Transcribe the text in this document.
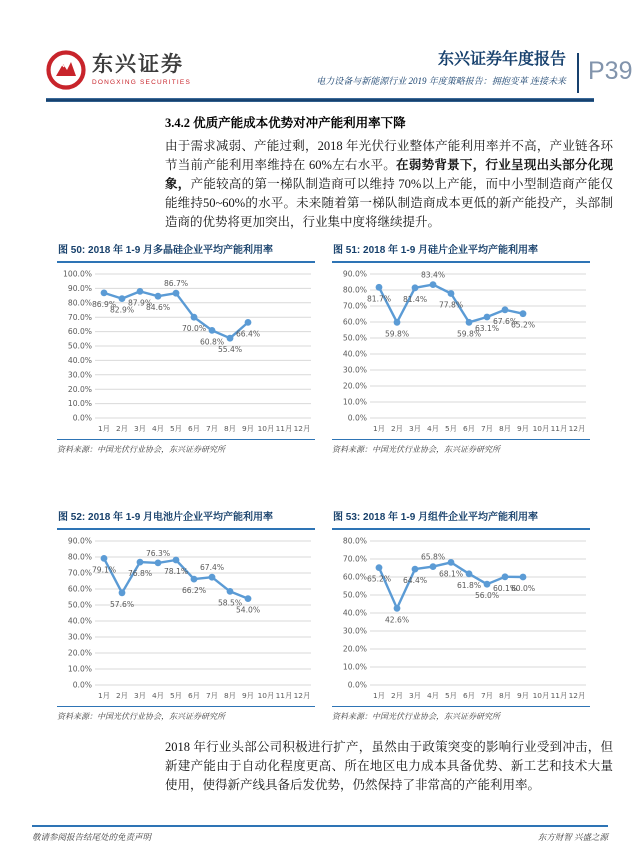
东兴证券
DONGXING SECURITIES
东兴证券年度报告
电力设备与新能源行业 2019 年度策略报告：拥抱变革 连接未来 P39
3.4.2 优质产能成本优势对冲产能利用率下降
由于需求减弱、产能过剩，2018 年光伏行业整体产能利用率并不高，产业链各环节当前产能利用率维持在 60%左右水平。在弱势背景下，行业呈现出头部分化现象，产能较高的第一梯队制造商可以维持 70%以上产能，而中小型制造商产能仅能维持50~60%的水平。未来随着第一梯队制造商成本更低的新产能投产，头部制造商的优势将更加突出，行业集中度将继续提升。
图 50: 2018 年 1-9 月多晶硅企业平均产能利用率
0.0%
10.0%
20.0%
30.0%
40.0%
50.0%
60.0%
70.0%
80.0%
90.0%
100.0%
1月 2月 3月 4月 5月 6月 7月 8月 9月 10月 11月 12月
86.9%
82.9%
87.9%
84.6%
86.7%
70.0%
60.8%
55.4%
66.4%
资料来源：中国光伏行业协会，东兴证券研究所
图 51: 2018 年 1-9 月硅片企业平均产能利用率
0.0%
10.0%
20.0%
30.0%
40.0%
50.0%
60.0%
70.0%
80.0%
90.0%
1月 2月 3月 4月 5月 6月 7月 8月 9月 10月 11月 12月
81.7%
59.8%
81.4%
83.4%
77.8%
59.8%
63.1%
67.6%
65.2%
资料来源：中国光伏行业协会，东兴证券研究所
图 52: 2018 年 1-9 月电池片企业平均产能利用率
0.0%
10.0%
20.0%
30.0%
40.0%
50.0%
60.0%
70.0%
80.0%
90.0%
1月 2月 3月 4月 5月 6月 7月 8月 9月 10月 11月 12月
79.1%
57.6%
76.8%
76.3%
78.1%
66.2%
67.4%
58.5%
54.0%
资料来源：中国光伏行业协会，东兴证券研究所
图 53: 2018 年 1-9 月组件企业平均产能利用率
0.0%
10.0%
20.0%
30.0%
40.0%
50.0%
60.0%
70.0%
80.0%
1月 2月 3月 4月 5月 6月 7月 8月 9月 10月 11月 12月
65.2%
42.6%
64.4%
65.8%
68.1%
61.8%
56.0%
60.1%
60.0%
资料来源：中国光伏行业协会，东兴证券研究所
2018 年行业头部公司积极进行扩产，虽然由于政策突变的影响行业受到冲击，但新建产能由于自动化程度更高、所在地区电力成本具备优势、新工艺和技术大量使用，使得新产线具备后发优势，仍然保持了非常高的产能利用率。
敬请参阅报告结尾处的免责声明	东方财智 兴盛之源
